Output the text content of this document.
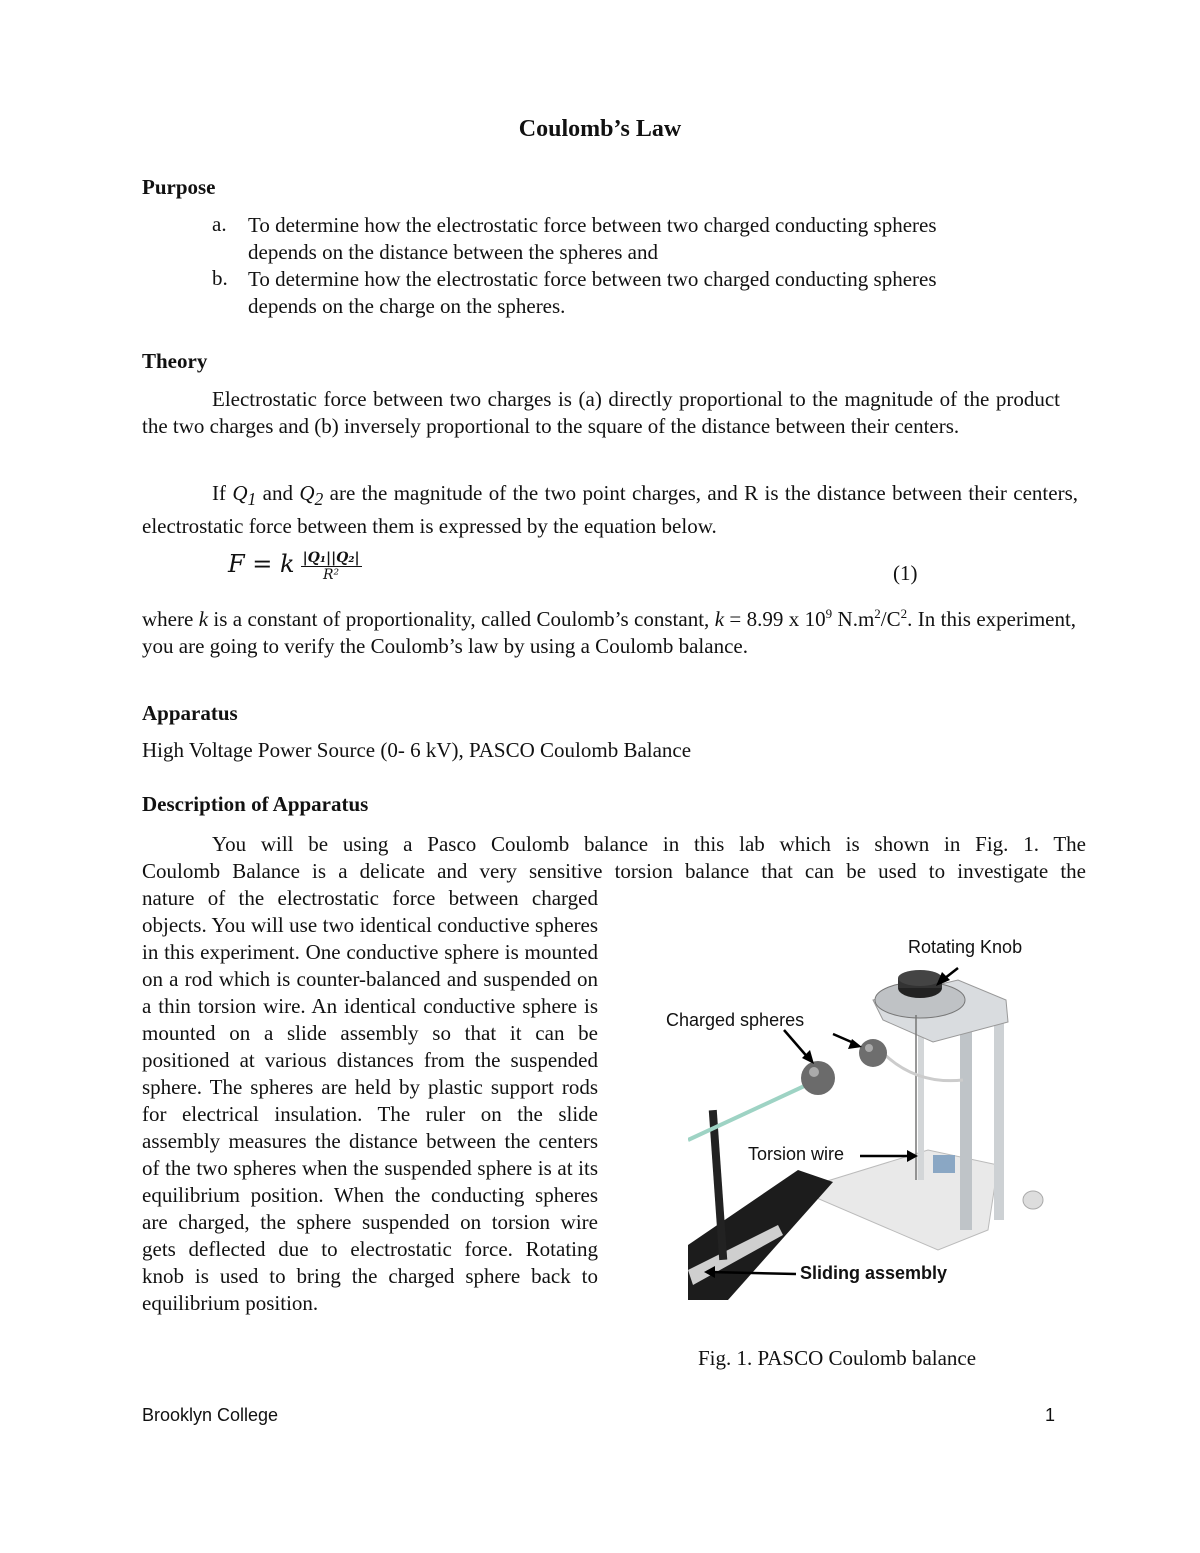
Coulomb’s Law
Purpose
a. To determine how the electrostatic force between two charged conducting spheres
depends on the distance between the spheres and
b. To determine how the electrostatic force between two charged conducting spheres
depends on the charge on the spheres.
Theory
Electrostatic force between two charges is (a) directly proportional to the magnitude of the product the two charges and (b) inversely proportional to the square of the distance between their centers.
If $Q_1$ and $Q_2$ are the magnitude of the two point charges, and R is the distance between their centers, electrostatic force between them is expressed by the equation below.
F = k $\frac{\text{|Q₁||Q₂|}}{\text{R²}}$	(1)
where k is a constant of proportionality, called Coulomb’s constant, k = 8.99 x $10^9$ $N.m^2/C^2$. In this experiment, you are going to verify the Coulomb’s law by using a Coulomb balance.
Apparatus
High Voltage Power Source (0- 6 kV), PASCO Coulomb Balance
Description of Apparatus
You will be using a Pasco Coulomb balance in this lab which is shown in Fig. 1. The
Coulomb Balance is a delicate and very sensitive torsion balance that can be used to investigate the
nature of the electrostatic force between charged objects. You will use two identical conductive spheres in this experiment. One conductive sphere is mounted on a rod which is counter-balanced and suspended on a thin torsion wire. An identical conductive sphere is mounted on a slide assembly so that it can be positioned at various distances from the suspended sphere. The spheres are held by plastic support rods for electrical insulation. The ruler on the slide assembly measures the distance between the centers of the two spheres when the suspended sphere is at its equilibrium position. When the conducting spheres are charged, the sphere suspended on torsion wire gets deflected due to electrostatic force. Rotating knob is used to bring the charged sphere back to equilibrium position.
Rotating Knob
Charged spheres
Torsion wire
Sliding assembly
Fig. 1. PASCO Coulomb balance
Brooklyn College	1
